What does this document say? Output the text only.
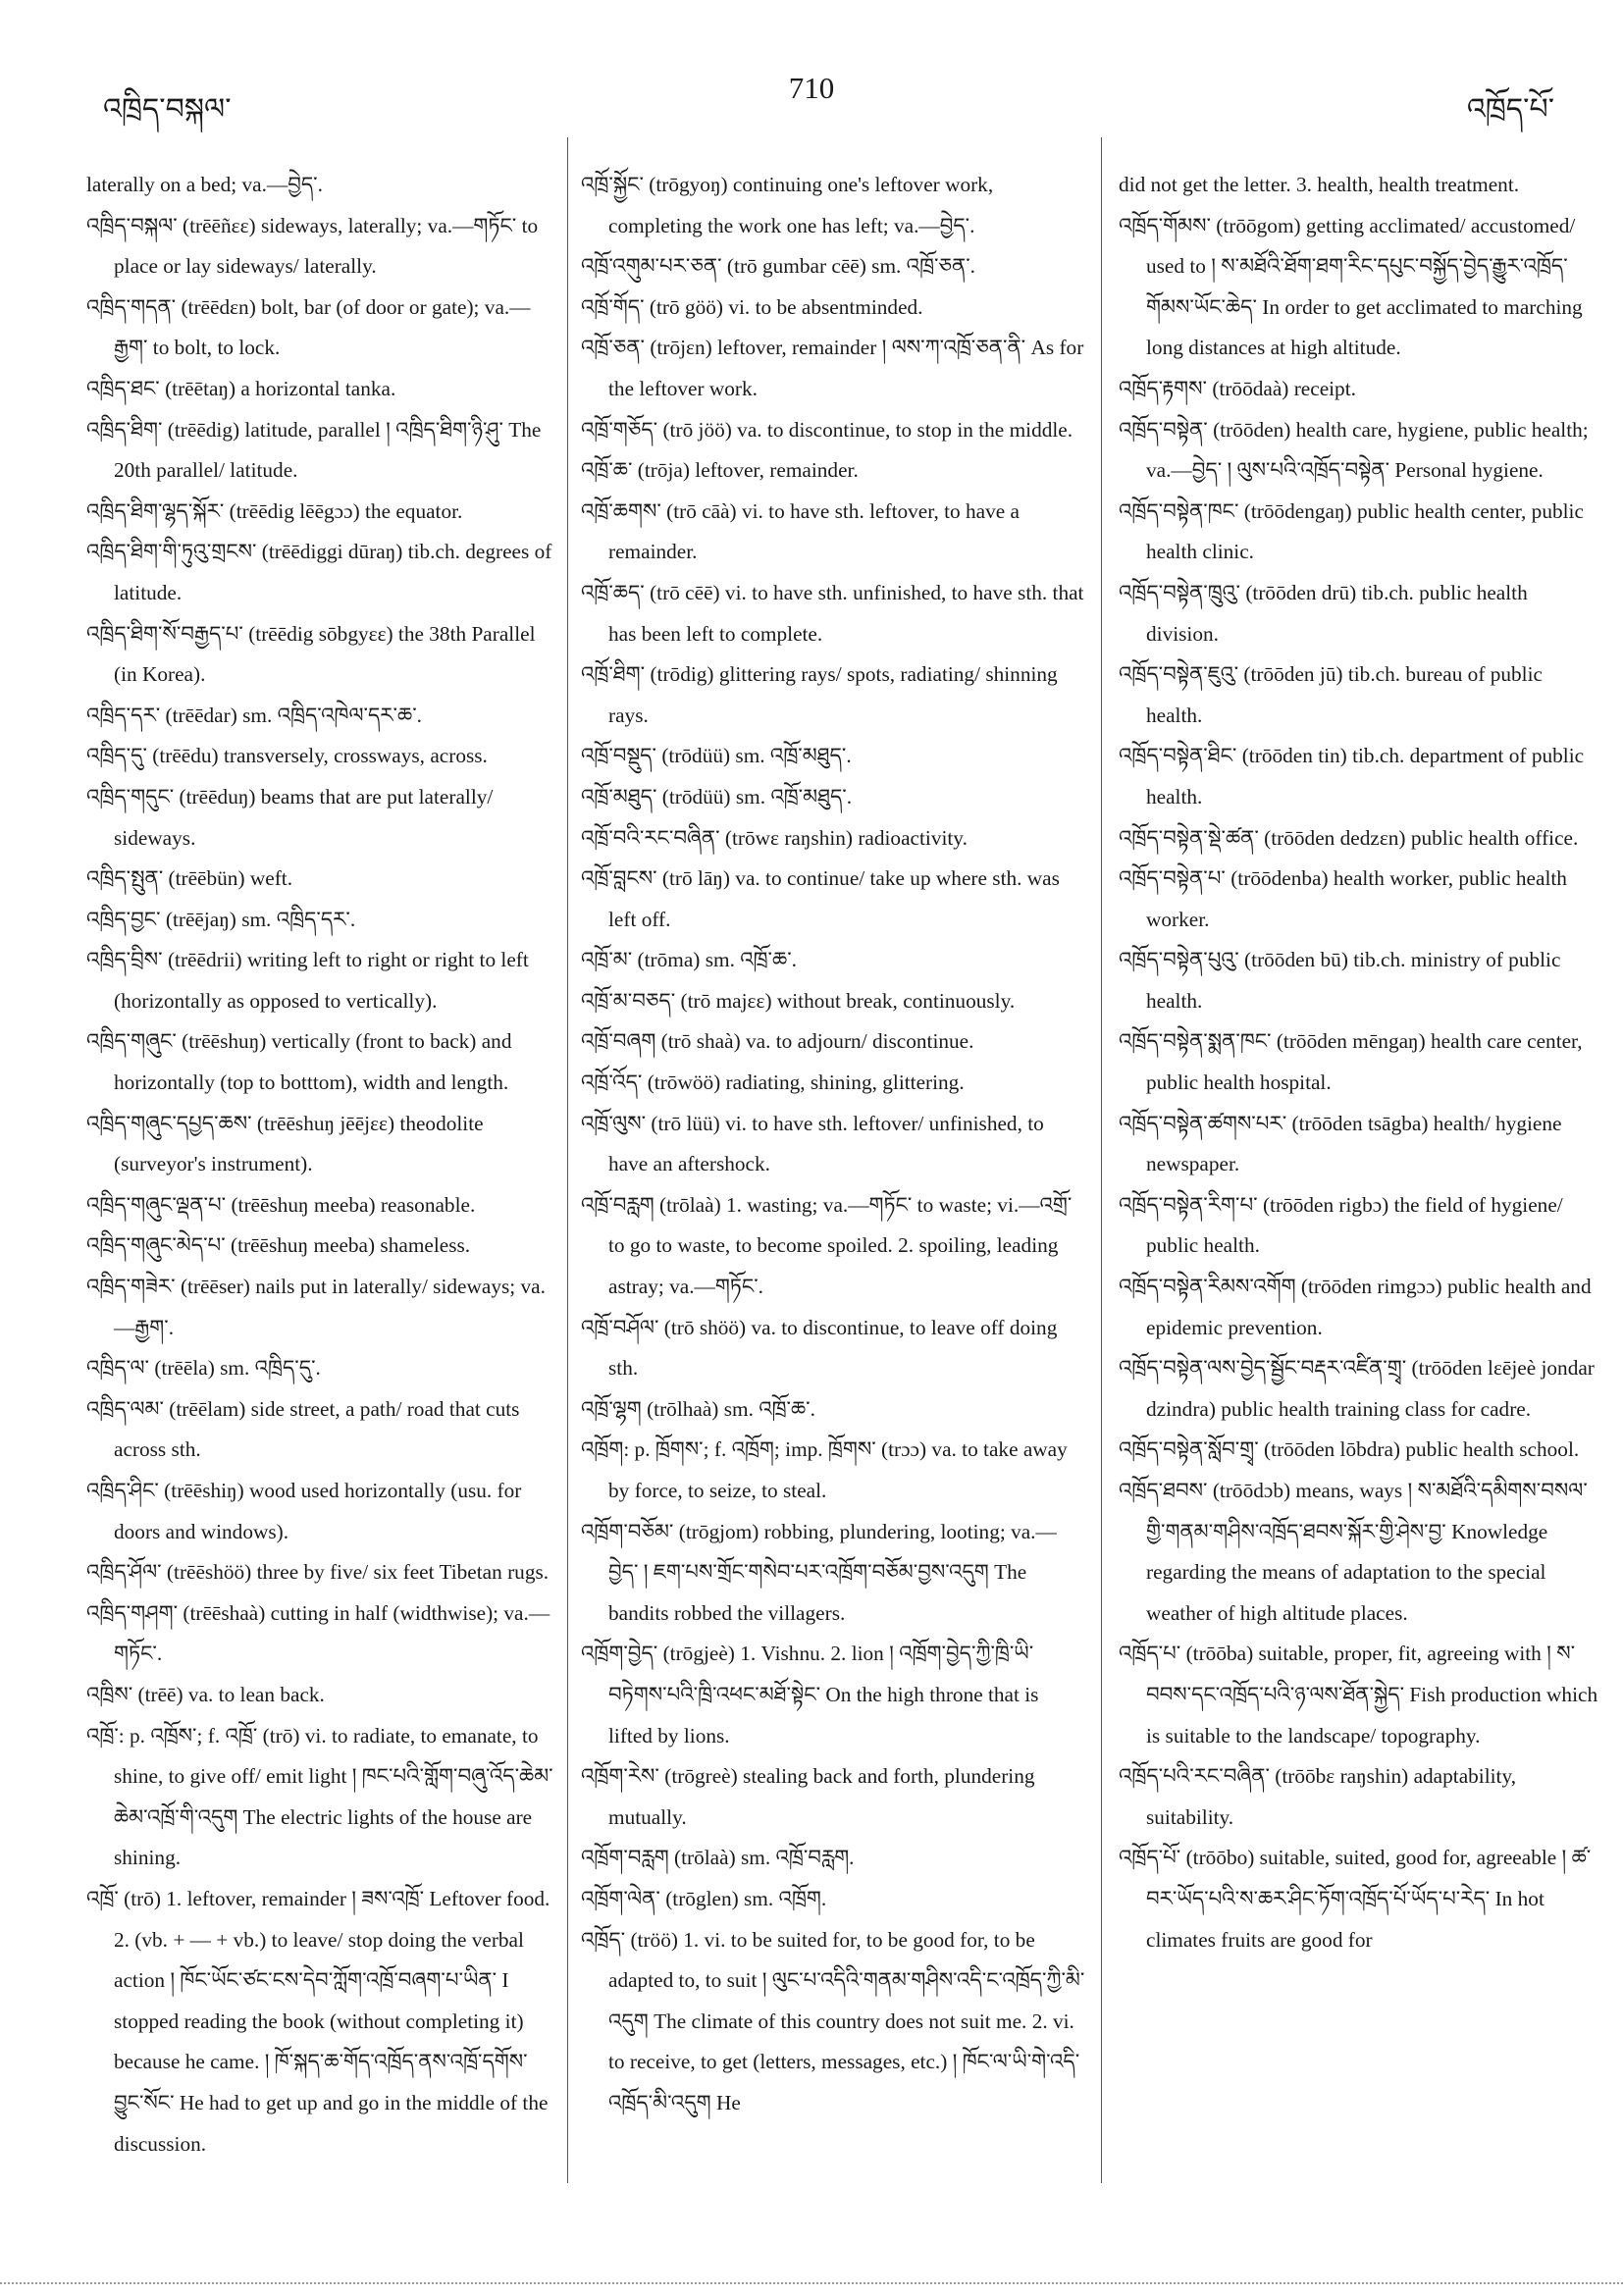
འཁྲིད་བསྐལ་
710
འཁྲོད་པོ་

laterally on a bed; va.—བྱེད་.

འཁྲིད་བསྐལ་ (trēēñεε) sideways, laterally; va.—གཏོང་ to place or lay sideways/ laterally.

འཁྲིད་གདན་ (trēēdεn) bolt, bar (of door or gate); va.—རྒྱག་ to bolt, to lock.

འཁྲིད་ཐང་ (trēētaŋ) a horizontal tanka.

འཁྲིད་ཐིག་ (trēēdig) latitude, parallel ། འཁྲིད་ཐིག་ཉི་ཤུ་ The 20th parallel/ latitude.

འཁྲིད་ཐིག་ལྷད་སྐོར་ (trēēdig lēēgɔɔ) the equator.

འཁྲིད་ཐིག་གི་ཏུའུ་གྲངས་ (trēēdiggi dūraŋ) tib.ch. degrees of latitude.

འཁྲིད་ཐིག་སོ་བརྒྱད་པ་ (trēēdig sōbgyεε) the 38th Parallel (in Korea).

འཁྲིད་དར་ (trēēdar) sm. འཁྲིད་འཁེལ་དར་ཆ་.

འཁྲིད་དུ་ (trēēdu) transversely, crossways, across.

འཁྲིད་གདུང་ (trēēduŋ) beams that are put laterally/ sideways.

འཁྲིད་སྤུན་ (trēēbün) weft.

འཁྲིད་བྱང་ (trēējaŋ) sm. འཁྲིད་དར་.

འཁྲིད་བྲིས་ (trēēdrii) writing left to right or right to left (horizontally as opposed to vertically).

འཁྲིད་གཞུང་ (trēēshuŋ) vertically (front to back) and horizontally (top to botttom), width and length.

འཁྲིད་གཞུང་དཔྱད་ཆས་ (trēēshuŋ jēējεε) theodolite (surveyor's instrument).

འཁྲིད་གཞུང་ལྡན་པ་ (trēēshuŋ meeba) reasonable.

འཁྲིད་གཞུང་མེད་པ་ (trēēshuŋ meeba) shameless.

འཁྲིད་གཟེར་ (trēēser) nails put in laterally/ sideways; va.—རྒྱག་.

འཁྲིད་ལ་ (trēēla) sm. འཁྲིད་དུ་.

འཁྲིད་ལམ་ (trēēlam) side street, a path/ road that cuts across sth.

འཁྲིད་ཤིང་ (trēēshiŋ) wood used horizontally (usu. for doors and windows).

འཁྲིད་ཤོལ་ (trēēshöö) three by five/ six feet Tibetan rugs.

འཁྲིད་གཤག་ (trēēshaà) cutting in half (widthwise); va.—གཏོང་.

འཁྲིས་ (trēē) va. to lean back.

འཁྲོ་: p. འཁྲོས་; f. འཁྲོ་ (trō) vi. to radiate, to emanate, to shine, to give off/ emit light ། ཁང་པའི་གློག་བཞུ་འོད་ཆེམ་ཆེམ་འཁྲོ་གི་འདུག The electric lights of the house are shining.

འཁྲོ་ (trō) 1. leftover, remainder ། ཟས་འཁྲོ་ Leftover food. 2. (vb. + — + vb.) to leave/ stop doing the verbal action ། ཁོང་ཡོང་ཙང་ངས་དེབ་ཀློག་འཁྲོ་བཞག་པ་ཡིན་ I stopped reading the book (without completing it) because he came. ། ཁོ་སྐད་ཆ་གོད་འཁྲོད་ནས་འཁྲོ་དགོས་བྱུང་སོང་ He had to get up and go in the middle of the discussion.

འཁྲོ་སྐྱོང་ (trōgyoŋ) continuing one's leftover work, completing the work one has left; va.—བྱེད་.

འཁྲོ་འགུམ་པར་ཅན་ (trō gumbar cēē) sm. འཁྲོ་ཅན་.

འཁྲོ་གོད་ (trō göö) vi. to be absentminded.

འཁྲོ་ཅན་ (trōjεn) leftover, remainder ། ལས་ཀ་འཁྲོ་ཅན་ནི་ As for the leftover work.

འཁྲོ་གཅོད་ (trō jöö) va. to discontinue, to stop in the middle.

འཁྲོ་ཆ་ (trōja) leftover, remainder.

འཁྲོ་ཆགས་ (trō cāà) vi. to have sth. leftover, to have a remainder.

འཁྲོ་ཆད་ (trō cēē) vi. to have sth. unfinished, to have sth. that has been left to complete.

འཁྲོ་ཐིག་ (trōdig) glittering rays/ spots, radiating/ shinning rays.

འཁྲོ་བསྡུད་ (trōdüü) sm. འཁྲོ་མཐུད་.

འཁྲོ་མཐུད་ (trōdüü) sm. འཁྲོ་མཐུད་.

འཁྲོ་བའི་རང་བཞིན་ (trōwε raŋshin) radioactivity.

འཁྲོ་བླངས་ (trō lāŋ) va. to continue/ take up where sth. was left off.

འཁྲོ་མ་ (trōma) sm. འཁྲོ་ཆ་.

འཁྲོ་མ་བཅད་ (trō majεε) without break, continuously.

འཁྲོ་བཞག (trō shaà) va. to adjourn/ discontinue.

འཁྲོ་འོད་ (trōwöö) radiating, shining, glittering.

འཁྲོ་ལུས་ (trō lüü) vi. to have sth. leftover/ unfinished, to have an aftershock.

འཁྲོ་བརླག (trōlaà) 1. wasting; va.—གཏོང་ to waste; vi.—འགྲོ་ to go to waste, to become spoiled. 2. spoiling, leading astray; va.—གཏོང་.

འཁྲོ་བཤོལ་ (trō shöö) va. to discontinue, to leave off doing sth.

འཁྲོ་ལྷག (trōlhaà) sm. འཁྲོ་ཆ་.

འཁྲོག: p. ཁྲོགས་; f. འཁྲོག; imp. ཁྲོགས་ (trɔɔ) va. to take away by force, to seize, to steal.

འཁྲོག་བཅོམ་ (trōgjom) robbing, plundering, looting; va.—བྱེད་ ། ཇག་པས་གྲོང་གསེབ་པར་འཁྲོག་བཅོམ་བྱས་འདུག The bandits robbed the villagers.

འཁྲོག་བྱེད་ (trōgjeè) 1. Vishnu. 2. lion ། འཁྲོག་བྱེད་ཀྱི་ཁྲི་ཡི་བཏེགས་པའི་ཁྲི་འཕང་མཐོ་སྟེང་ On the high throne that is lifted by lions.

འཁྲོག་རེས་ (trōgreè) stealing back and forth, plundering mutually.

འཁྲོག་བརླག (trōlaà) sm. འཁྲོ་བརླག.

འཁྲོག་ལེན་ (trōglen) sm. འཁྲོག.

འཁྲོད་ (tröö) 1. vi. to be suited for, to be good for, to be adapted to, to suit ། ལུང་པ་འདིའི་གནམ་གཤིས་འདི་ང་འཁྲོད་ཀྱི་མི་འདུག The climate of this country does not suit me. 2. vi. to receive, to get (letters, messages, etc.) ། ཁོང་ལ་ཡི་གེ་འདི་འཁྲོད་མི་འདུག He

did not get the letter. 3. health, health treatment.

འཁྲོད་གོམས་ (trōōgom) getting acclimated/ accustomed/ used to ། ས་མཐོའི་ཐོག་ཐག་རིང་དཔུང་བསྐྱོད་བྱེད་རྒྱུར་འཁྲོད་གོམས་ཡོང་ཆེད་ In order to get acclimated to marching long distances at high altitude.

འཁྲོད་རྟགས་ (trōōdaà) receipt.

འཁྲོད་བསྟེན་ (trōōden) health care, hygiene, public health; va.—བྱེད་ ། ལུས་པའི་འཁྲོད་བསྟེན་ Personal hygiene.

འཁྲོད་བསྟེན་ཁང་ (trōōdengaŋ) public health center, public health clinic.

འཁྲོད་བསྟེན་ཁྲུའུ་ (trōōden drū) tib.ch. public health division.

འཁྲོད་བསྟེན་ཇུའུ་ (trōōden jū) tib.ch. bureau of public health.

འཁྲོད་བསྟེན་ཐིང་ (trōōden tin) tib.ch. department of public health.

འཁྲོད་བསྟེན་སྡེ་ཚན་ (trōōden dedzεn) public health office.

འཁྲོད་བསྟེན་པ་ (trōōdenba) health worker, public health worker.

འཁྲོད་བསྟེན་པུའུ་ (trōōden bū) tib.ch. ministry of public health.

འཁྲོད་བསྟེན་སྨན་ཁང་ (trōōden mēngaŋ) health care center, public health hospital.

འཁྲོད་བསྟེན་ཚགས་པར་ (trōōden tsāgba) health/ hygiene newspaper.

འཁྲོད་བསྟེན་རིག་པ་ (trōōden rigbɔ) the field of hygiene/ public health.

འཁྲོད་བསྟེན་རིམས་འགོག (trōōden rimgɔɔ) public health and epidemic prevention.

འཁྲོད་བསྟེན་ལས་བྱེད་སྦྱོང་བརྡར་འཛིན་གྲྭ་ (trōōden lεējeè jondar dzindra) public health training class for cadre.

འཁྲོད་བསྟེན་སློབ་གྲྭ་ (trōōden lōbdra) public health school.

འཁྲོད་ཐབས་ (trōōdɔb) means, ways ། ས་མཐོའི་དམིགས་བསལ་གྱི་གནམ་གཤིས་འཁྲོད་ཐབས་སྐོར་གྱི་ཤེས་བྱ་ Knowledge regarding the means of adaptation to the special weather of high altitude places.

འཁྲོད་པ་ (trōōba) suitable, proper, fit, agreeing with ། ས་བབས་དང་འཁྲོད་པའི་ཉ་ལས་ཐོན་སྐྱེད་ Fish production which is suitable to the landscape/ topography.

འཁྲོད་པའི་རང་བཞིན་ (trōōbε raŋshin) adaptability, suitability.

འཁྲོད་པོ་ (trōōbo) suitable, suited, good for, agreeable ། ཚ་བར་ཡོད་པའི་ས་ཆར་ཤིང་ཏོག་འཁྲོད་པོ་ཡོད་པ་རེད་ In hot climates fruits are good for
